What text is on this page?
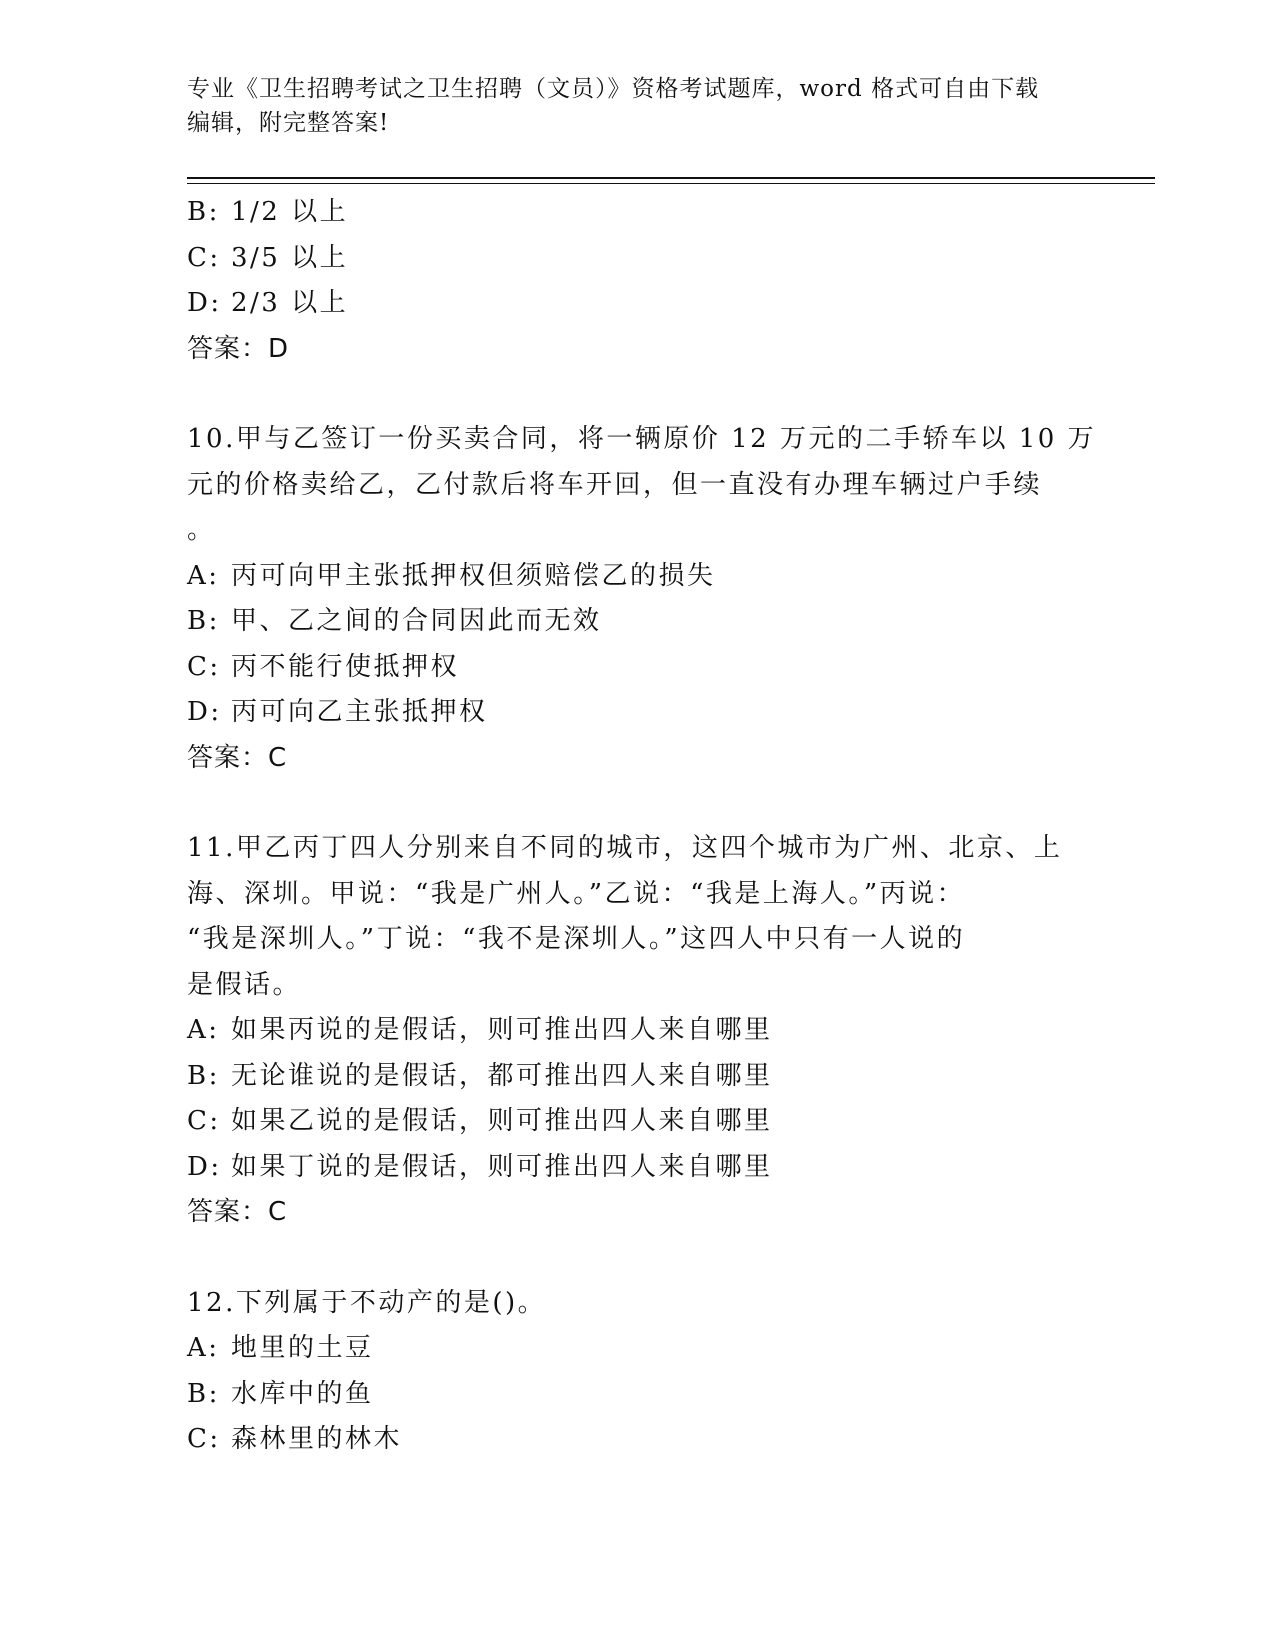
专业《卫生招聘考试之卫生招聘（文员）》资格考试题库，word 格式可自由下载
编辑，附完整答案!
B: 1/2 以上
C: 3/5 以上
D: 2/3 以上
答案：D
10.甲与乙签订一份买卖合同，将一辆原价 12 万元的二手轿车以 10 万
元的价格卖给乙，乙付款后将车开回，但一直没有办理车辆过户手续
。
A: 丙可向甲主张抵押权但须赔偿乙的损失
B: 甲、乙之间的合同因此而无效
C: 丙不能行使抵押权
D: 丙可向乙主张抵押权
答案：C
11.甲乙丙丁四人分别来自不同的城市，这四个城市为广州、北京、上
海、深圳。甲说：“我是广州人。”乙说：“我是上海人。”丙说：
“我是深圳人。”丁说：“我不是深圳人。”这四人中只有一人说的
是假话。
A: 如果丙说的是假话，则可推出四人来自哪里
B: 无论谁说的是假话，都可推出四人来自哪里
C: 如果乙说的是假话，则可推出四人来自哪里
D: 如果丁说的是假话，则可推出四人来自哪里
答案：C
12.下列属于不动产的是()。
A: 地里的土豆
B: 水库中的鱼
C: 森林里的林木
